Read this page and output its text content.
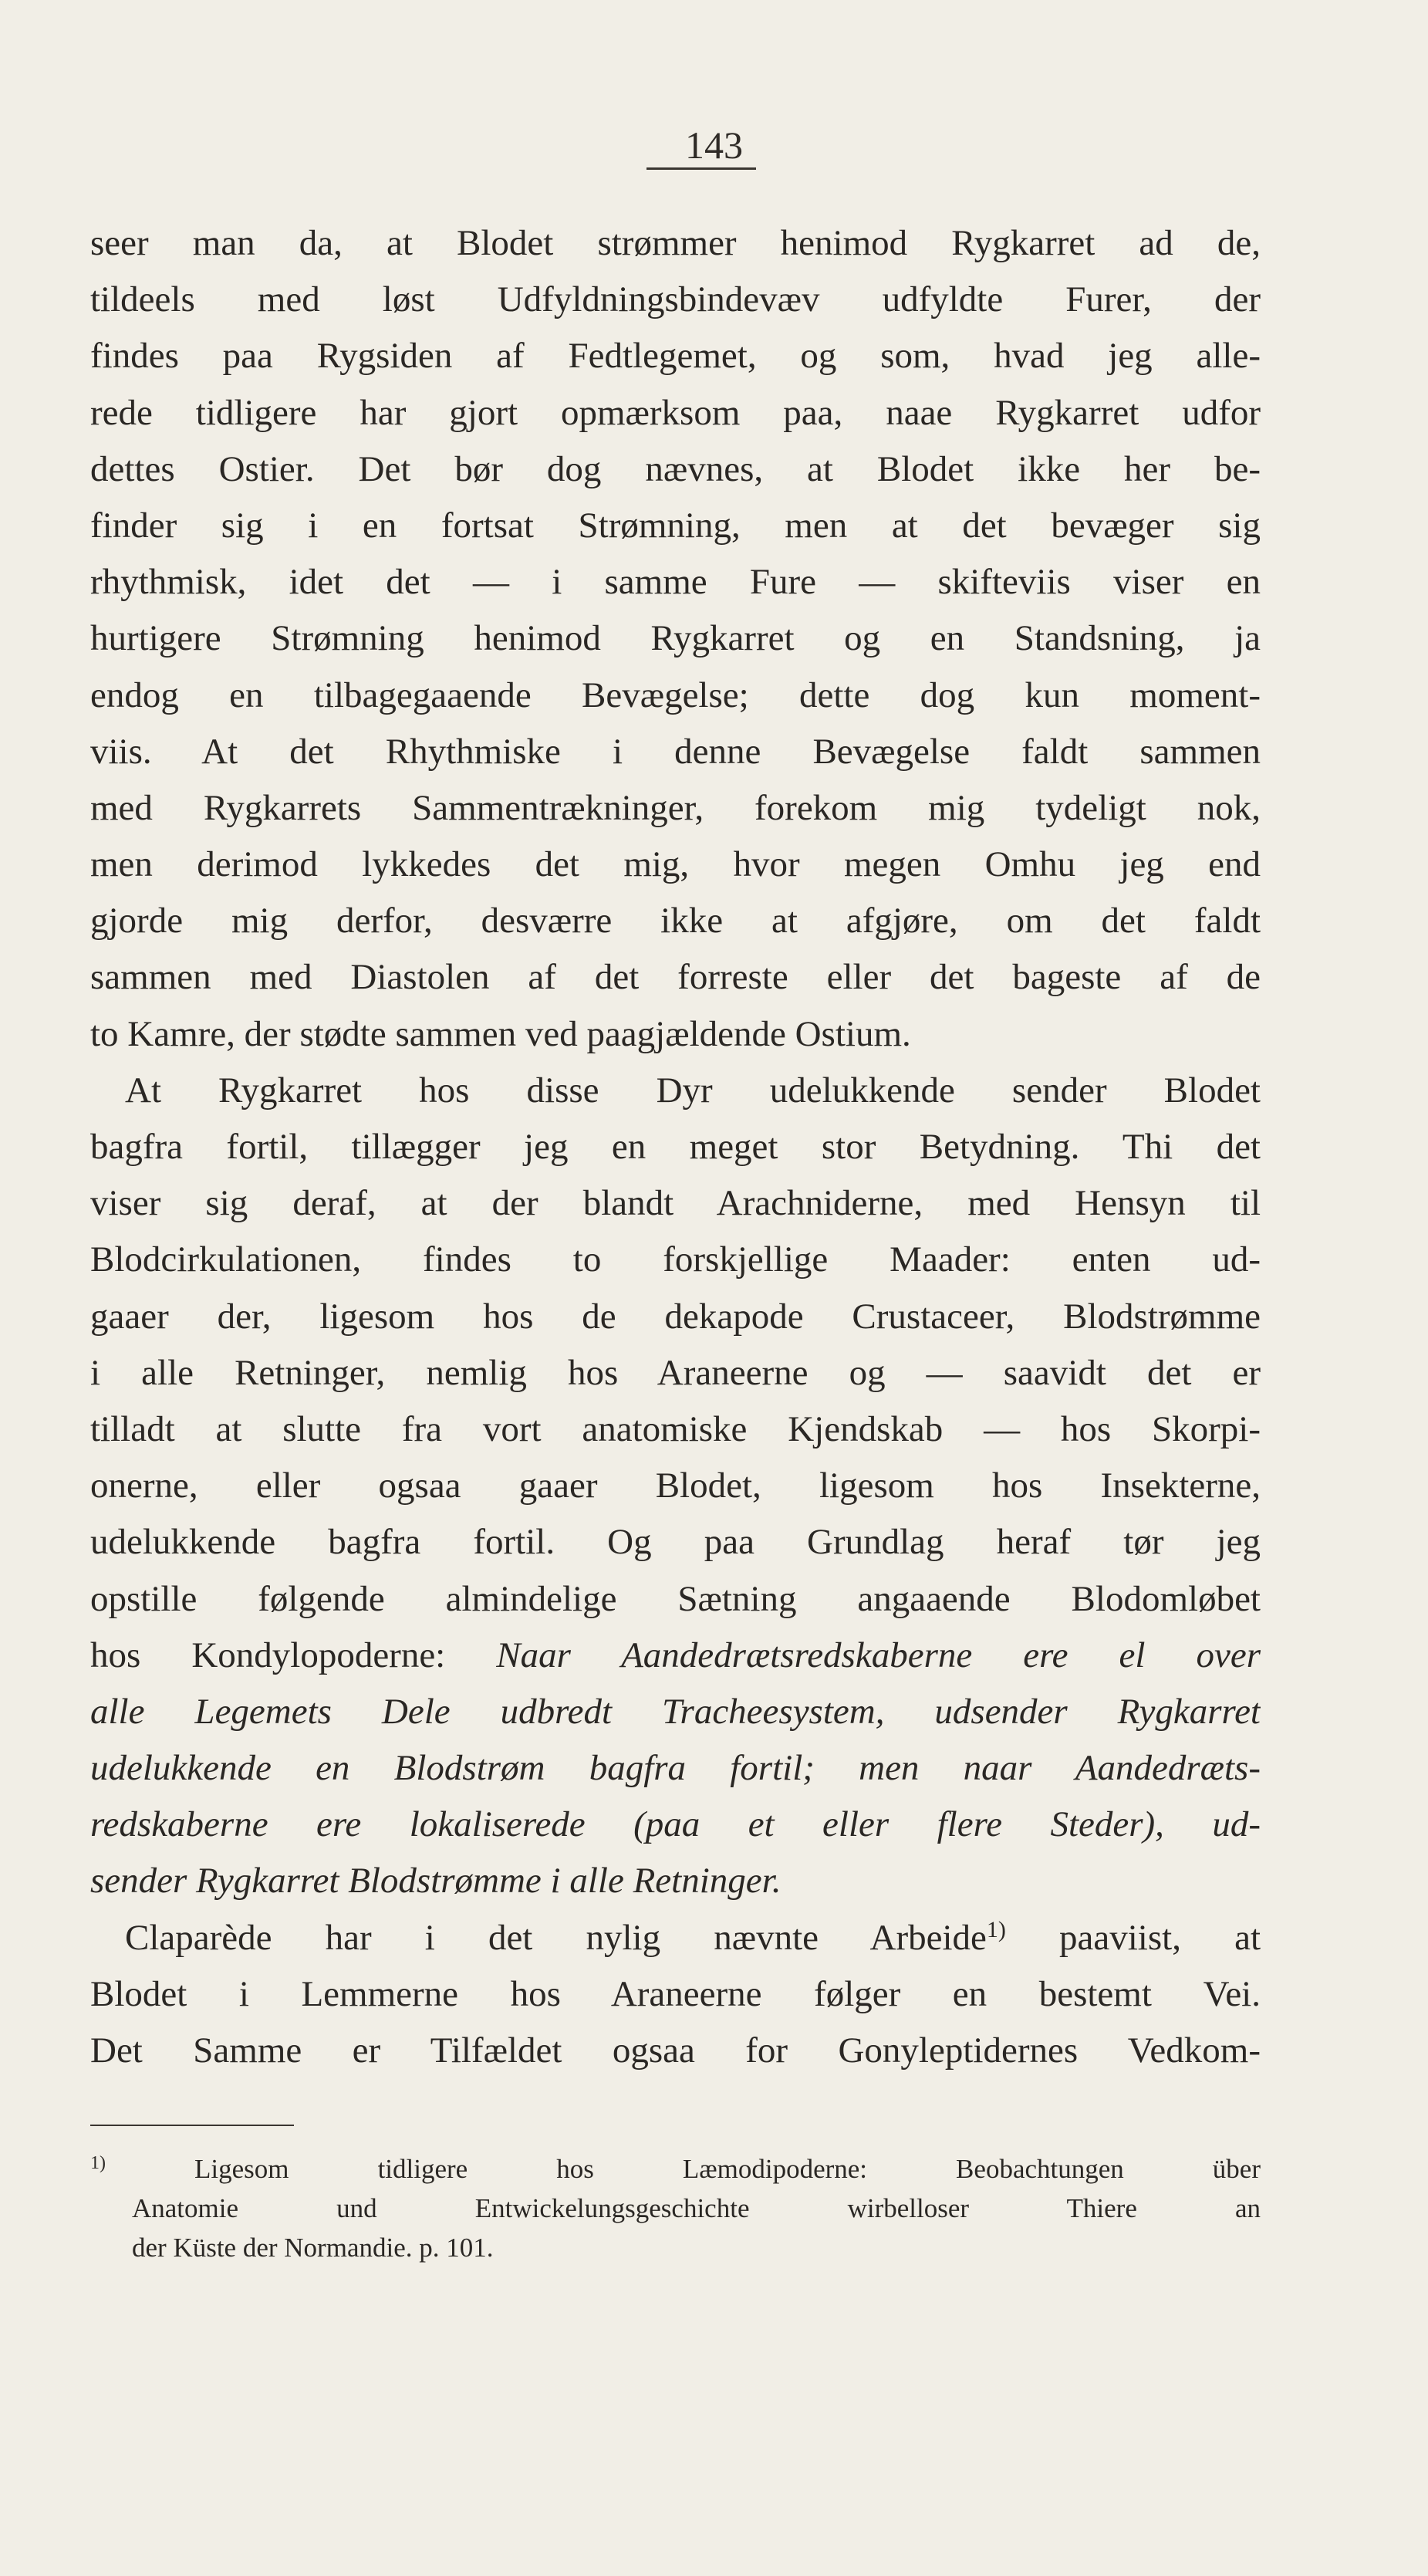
143
seer man da, at Blodet strømmer henimod Rygkarret ad de,
tildeels med løst Udfyldningsbindevæv udfyldte Furer, der
findes paa Rygsiden af Fedtlegemet, og som, hvad jeg alle-
rede tidligere har gjort opmærksom paa, naae Rygkarret udfor
dettes Ostier. Det bør dog nævnes, at Blodet ikke her be-
finder sig i en fortsat Strømning, men at det bevæger sig
rhythmisk, idet det — i samme Fure — skifteviis viser en
hurtigere Strømning henimod Rygkarret og en Standsning, ja
endog en tilbagegaaende Bevægelse; dette dog kun moment-
viis. At det Rhythmiske i denne Bevægelse faldt sammen
med Rygkarrets Sammentrækninger, forekom mig tydeligt nok,
men derimod lykkedes det mig, hvor megen Omhu jeg end
gjorde mig derfor, desværre ikke at afgjøre, om det faldt
sammen med Diastolen af det forreste eller det bageste af de
to Kamre, der stødte sammen ved paagjældende Ostium.
At Rygkarret hos disse Dyr udelukkende sender Blodet
bagfra fortil, tillægger jeg en meget stor Betydning. Thi det
viser sig deraf, at der blandt Arachniderne, med Hensyn til
Blodcirkulationen, findes to forskjellige Maader: enten ud-
gaaer der, ligesom hos de dekapode Crustaceer, Blodstrømme
i alle Retninger, nemlig hos Araneerne og — saavidt det er
tilladt at slutte fra vort anatomiske Kjendskab — hos Skorpi-
onerne, eller ogsaa gaaer Blodet, ligesom hos Insekterne,
udelukkende bagfra fortil. Og paa Grundlag heraf tør jeg
opstille følgende almindelige Sætning angaaende Blodomløbet
hos Kondylopoderne: Naar Aandedrætsredskaberne ere el over
alle Legemets Dele udbredt Tracheesystem, udsender Rygkarret
udelukkende en Blodstrøm bagfra fortil; men naar Aandedræts-
redskaberne ere lokaliserede (paa et eller flere Steder), ud-
sender Rygkarret Blodstrømme i alle Retninger.
Claparède har i det nylig nævnte Arbeide$^{1)}$ paaviist, at
Blodet i Lemmerne hos Araneerne følger en bestemt Vei.
Det Samme er Tilfældet ogsaa for Gonyleptidernes Vedkom-
$^{1)}$	Ligesom tidligere hos Læmodipoderne: Beobachtungen über
Anatomie und Entwickelungsgeschichte wirbelloser Thiere an
der Küste der Normandie. p. 101.
